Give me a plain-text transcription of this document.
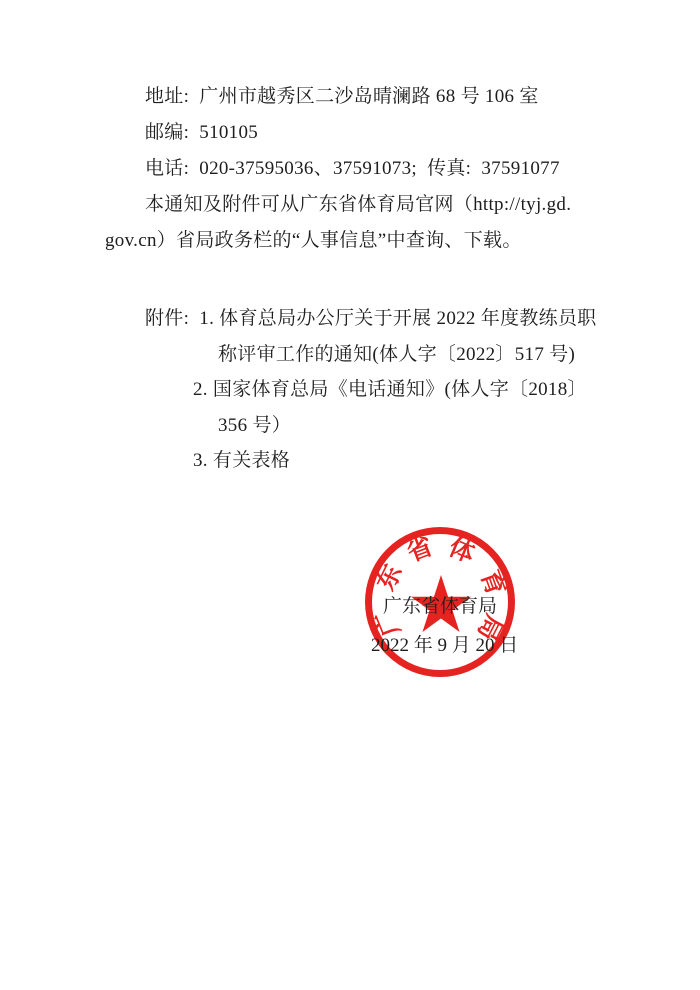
地址:  广州市越秀区二沙岛晴澜路 68 号 106 室
邮编:  510105
电话:  020-37595036、37591073;  传真:  37591077
本通知及附件可从广东省体育局官网（http://tyj.gd.
gov.cn）省局政务栏的“人事信息”中查询、下载。
附件:  1. 体育总局办公厅关于开展 2022 年度教练员职
称评审工作的通知(体人字〔2022〕517 号)
2. 国家体育总局《电话通知》(体人字〔2018〕
356 号）
3. 有关表格
广
东
省 体
育
局
广东省体育局
2022 年 9 月 20 日
